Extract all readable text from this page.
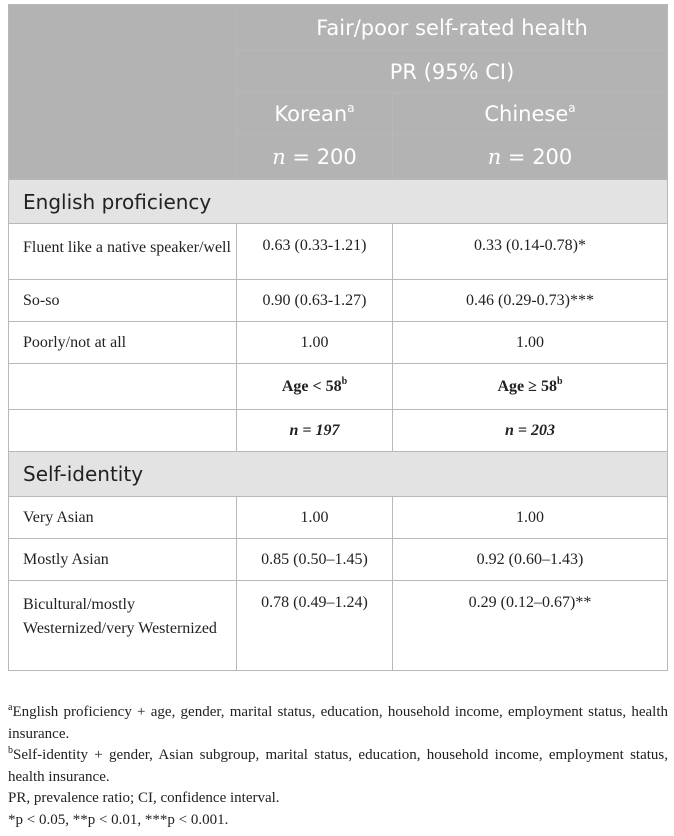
	Fair/poor self-rated health	
	PR (95% CI)	
	Korean$^a$	Chinese$^a$
	n = 200	n = 200
English proficiency		
Fluent like a native speaker/well	0.63 (0.33-1.21)	0.33 (0.14-0.78)*
So-so	0.90 (0.63-1.27)	0.46 (0.29-0.73)***
Poorly/not at all	1.00	1.00
	Age < $58^b$	Age ≥ $58^b$
	n = 197	n = 203
Self-identity		
Very Asian	1.00	1.00
Mostly Asian	0.85 (0.50–1.45)	0.92 (0.60–1.43)
Bicultural/mostly Westernized/very Westernized	0.78 (0.49–1.24)	0.29 (0.12–0.67)**

$^a$English proficiency + age, gender, marital status, education, household income, employment status, health insurance.

$^b$Self-identity + gender, Asian subgroup, marital status, education, household income, employment status, health insurance.

PR, prevalence ratio; CI, confidence interval.

*p < 0.05, **p < 0.01, ***p < 0.001.
